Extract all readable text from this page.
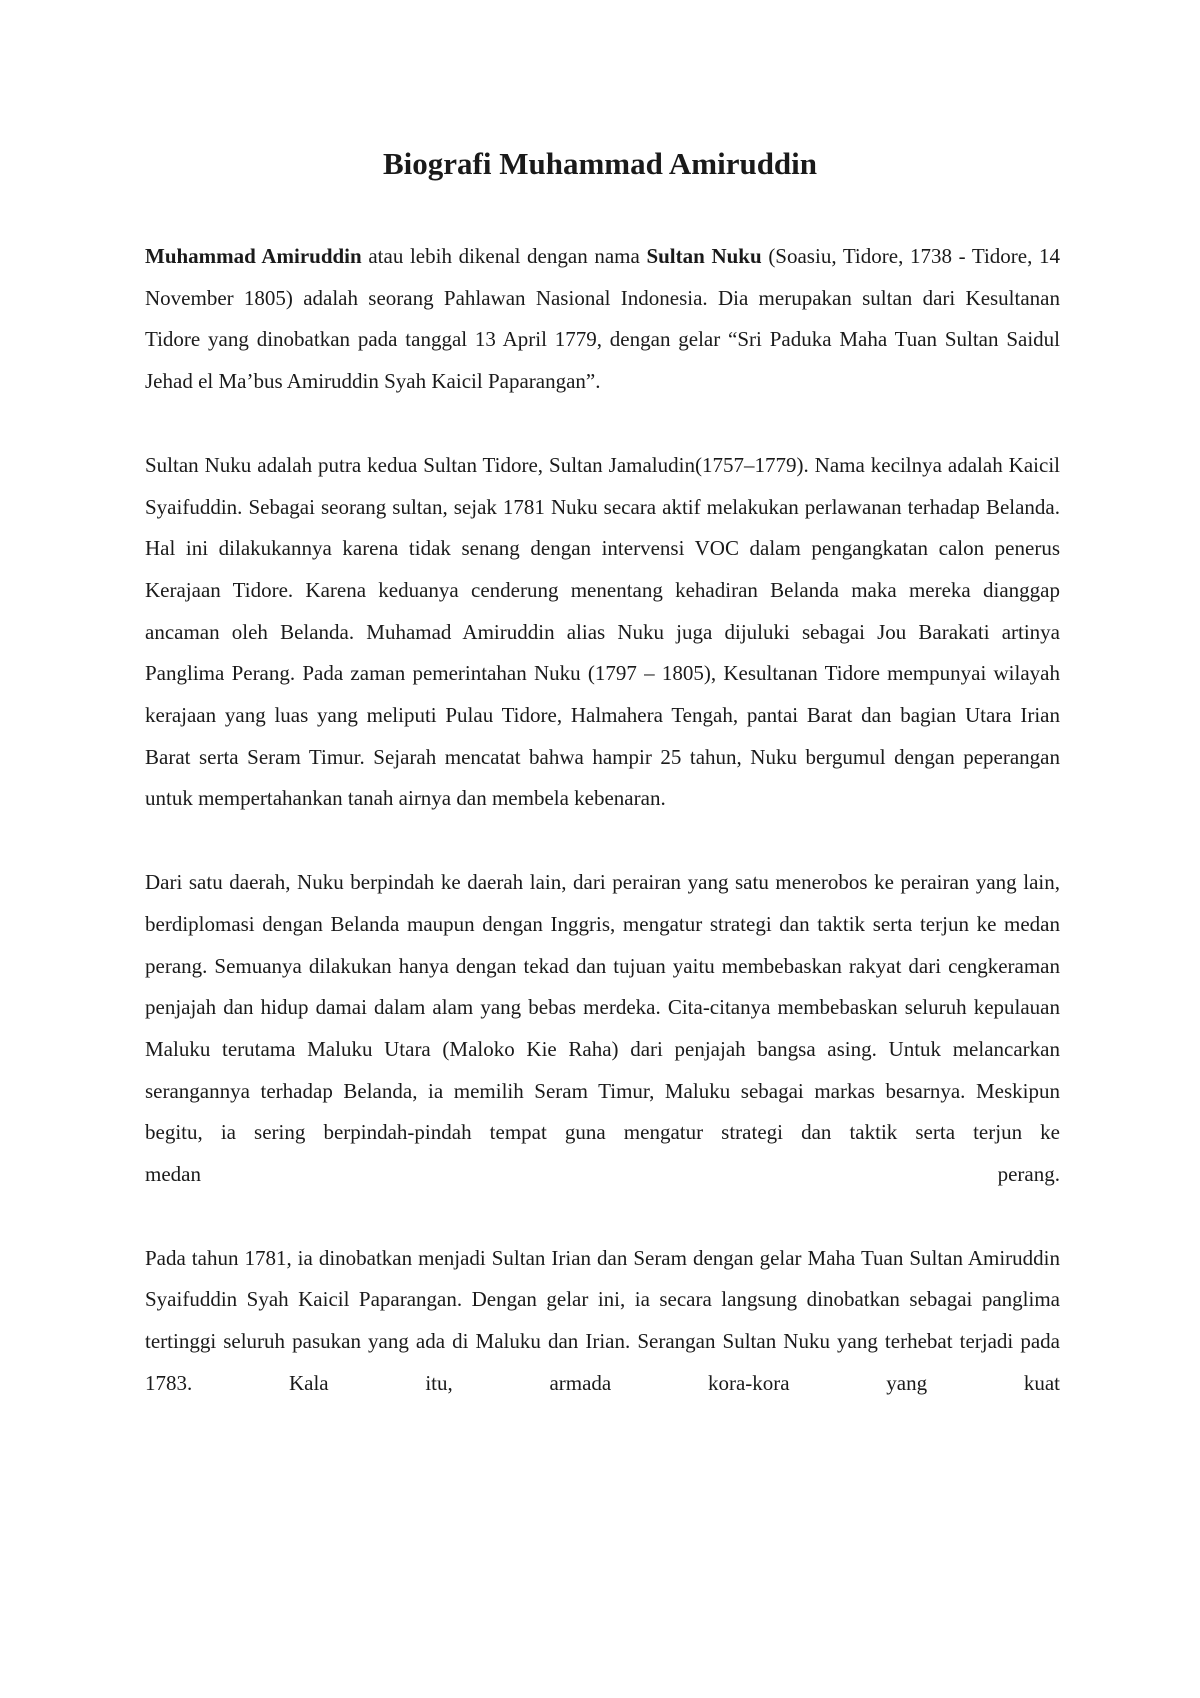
Biografi Muhammad Amiruddin

Muhammad Amiruddin atau lebih dikenal dengan nama Sultan Nuku (Soasiu, Tidore, 1738 - Tidore, 14 November 1805) adalah seorang Pahlawan Nasional Indonesia. Dia merupakan sultan dari Kesultanan Tidore yang dinobatkan pada tanggal 13 April 1779, dengan gelar “Sri Paduka Maha Tuan Sultan Saidul Jehad el Ma’bus Amiruddin Syah Kaicil Paparangan”.

Sultan Nuku adalah putra kedua Sultan Tidore, Sultan Jamaludin(1757–1779). Nama kecilnya adalah Kaicil Syaifuddin. Sebagai seorang sultan, sejak 1781 Nuku secara aktif melakukan perlawanan terhadap Belanda. Hal ini dilakukannya karena tidak senang dengan intervensi VOC dalam pengangkatan calon penerus Kerajaan Tidore. Karena keduanya cenderung menentang kehadiran Belanda maka mereka dianggap ancaman oleh Belanda. Muhamad Amiruddin alias Nuku juga dijuluki sebagai Jou Barakati artinya Panglima Perang. Pada zaman pemerintahan Nuku (1797 – 1805), Kesultanan Tidore mempunyai wilayah kerajaan yang luas yang meliputi Pulau Tidore, Halmahera Tengah, pantai Barat dan bagian Utara Irian Barat serta Seram Timur. Sejarah mencatat bahwa hampir 25 tahun, Nuku bergumul dengan peperangan untuk mempertahankan tanah airnya dan membela kebenaran.

Dari satu daerah, Nuku berpindah ke daerah lain, dari perairan yang satu menerobos ke perairan yang lain, berdiplomasi dengan Belanda maupun dengan Inggris, mengatur strategi dan taktik serta terjun ke medan perang. Semuanya dilakukan hanya dengan tekad dan tujuan yaitu membebaskan rakyat dari cengkeraman penjajah dan hidup damai dalam alam yang bebas merdeka. Cita-citanya membebaskan seluruh kepulauan Maluku terutama Maluku Utara (Maloko Kie Raha) dari penjajah bangsa asing. Untuk melancarkan serangannya terhadap Belanda, ia memilih Seram Timur, Maluku sebagai markas besarnya. Meskipun begitu, ia sering berpindah-pindah tempat guna mengatur strategi dan taktik serta terjun ke
medan	perang.

Pada tahun 1781, ia dinobatkan menjadi Sultan Irian dan Seram dengan gelar Maha Tuan Sultan Amiruddin Syaifuddin Syah Kaicil Paparangan. Dengan gelar ini, ia secara langsung dinobatkan sebagai panglima tertinggi seluruh pasukan yang ada di Maluku dan Irian. Serangan Sultan Nuku yang terhebat terjadi pada 1783. Kala itu, armada kora-kora yang kuat
